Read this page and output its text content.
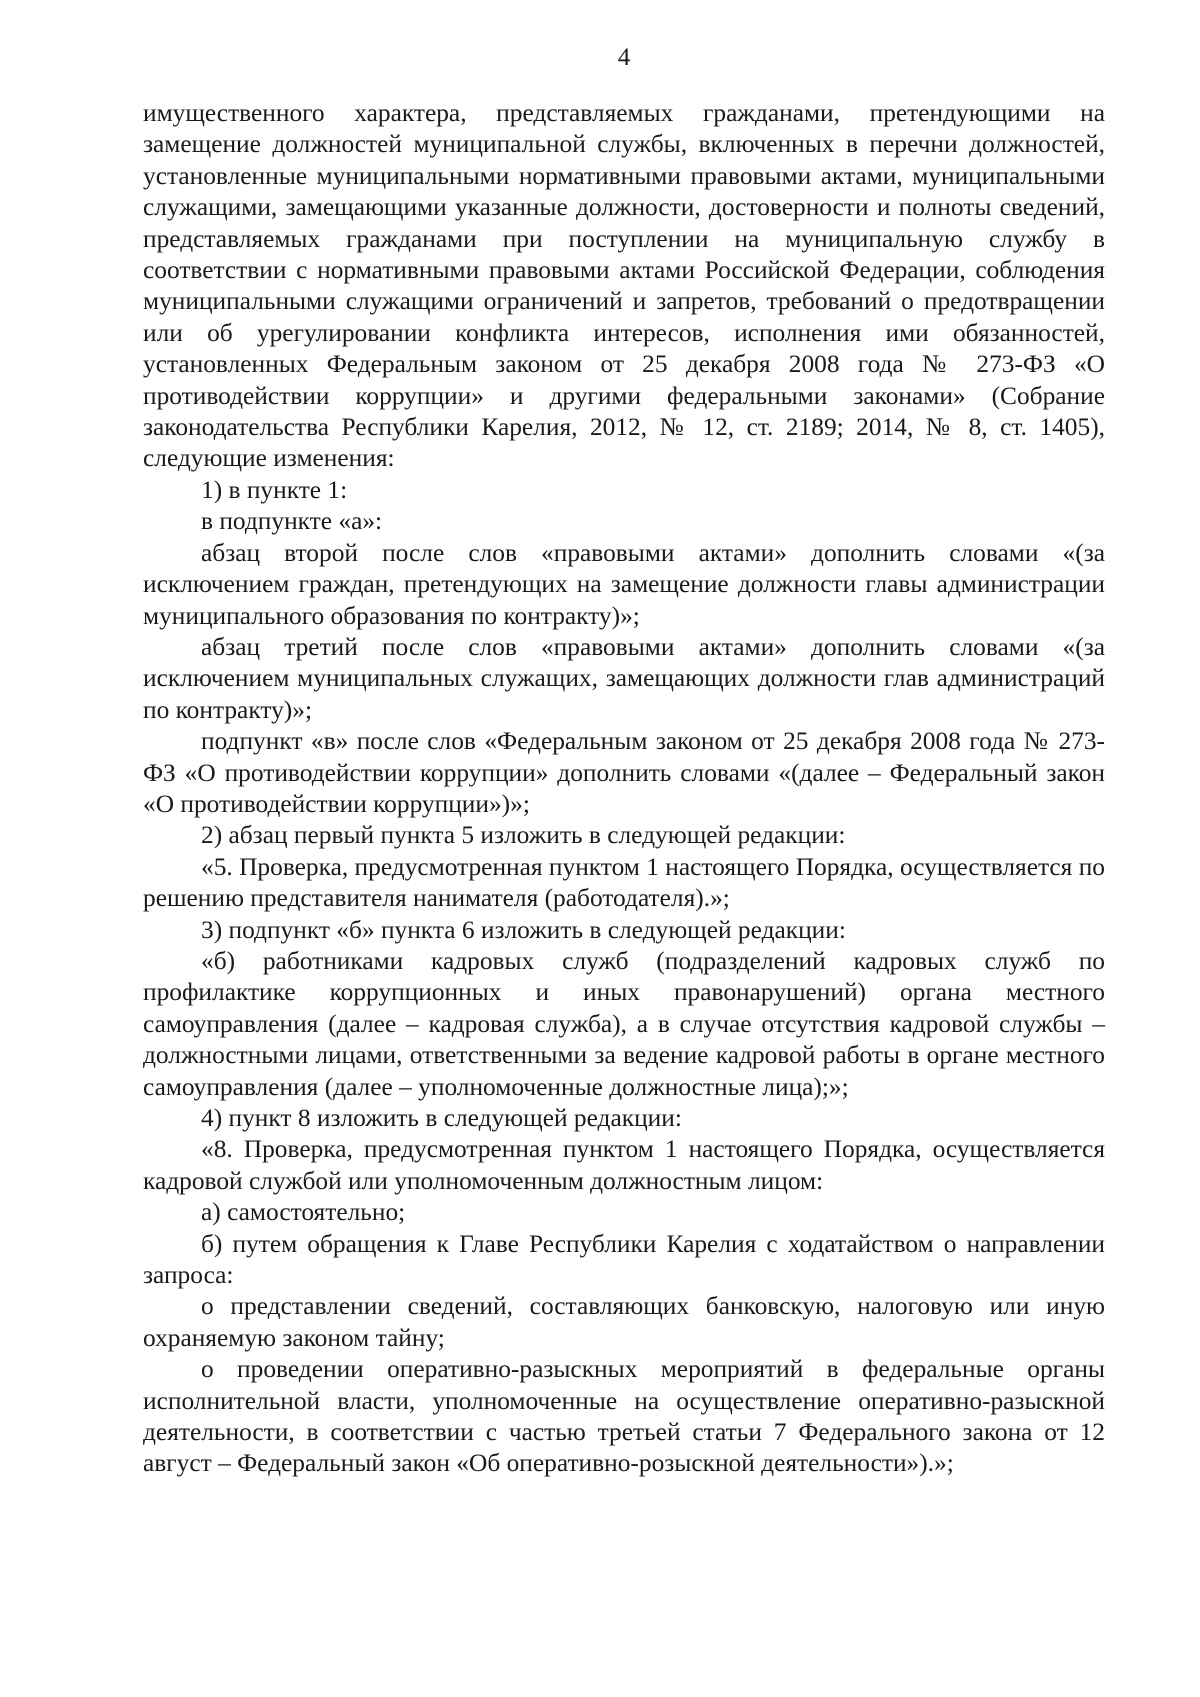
4

имущественного характера, представляемых гражданами, претендующими на замещение должностей муниципальной службы, включенных в перечни должностей, установленные муниципальными нормативными правовыми актами, муниципальными служащими, замещающими указанные должности, достоверности и полноты сведений, представляемых гражданами при поступлении на муниципальную службу в соответствии с нормативными правовыми актами Российской Федерации, соблюдения муниципальными служащими ограничений и запретов, требований о предотвращении или об урегулировании конфликта интересов, исполнения ими обязанностей, установленных Федеральным законом от 25 декабря 2008 года № 273-ФЗ «О противодействии коррупции» и другими федеральными законами» (Собрание законодательства Республики Карелия, 2012, № 12, ст. 2189; 2014, № 8, ст. 1405), следующие изменения:

1) в пункте 1:

в подпункте «а»:

абзац второй после слов «правовыми актами» дополнить словами «(за исключением граждан, претендующих на замещение должности главы администрации муниципального образования по контракту)»;

абзац третий после слов «правовыми актами» дополнить словами «(за исключением муниципальных служащих, замещающих должности глав администраций по контракту)»;

подпункт «в» после слов «Федеральным законом от 25 декабря 2008 года № 273-ФЗ «О противодействии коррупции» дополнить словами «(далее – Федеральный закон «О противодействии коррупции»)»;

2) абзац первый пункта 5 изложить в следующей редакции:

«5. Проверка, предусмотренная пунктом 1 настоящего Порядка, осуществляется по решению представителя нанимателя (работодателя).»;

3) подпункт «б» пункта 6 изложить в следующей редакции:

«б) работниками кадровых служб (подразделений кадровых служб по профилактике коррупционных и иных правонарушений) органа местного самоуправления (далее – кадровая служба), а в случае отсутствия кадровой службы – должностными лицами, ответственными за ведение кадровой работы в органе местного самоуправления (далее – уполномоченные должностные лица);»;

4) пункт 8 изложить в следующей редакции:

«8. Проверка, предусмотренная пунктом 1 настоящего Порядка, осуществляется кадровой службой или уполномоченным должностным лицом:

а) самостоятельно;

б) путем обращения к Главе Республики Карелия с ходатайством о направлении запроса:

о представлении сведений, составляющих банковскую, налоговую или иную охраняемую законом тайну;

о проведении оперативно-разыскных мероприятий в федеральные органы исполнительной власти, уполномоченные на осуществление оперативно-разыскной деятельности, в соответствии с частью третьей статьи 7 Федерального закона от 12 август – Федеральный закон «Об оперативно-розыскной деятельности»).»;
